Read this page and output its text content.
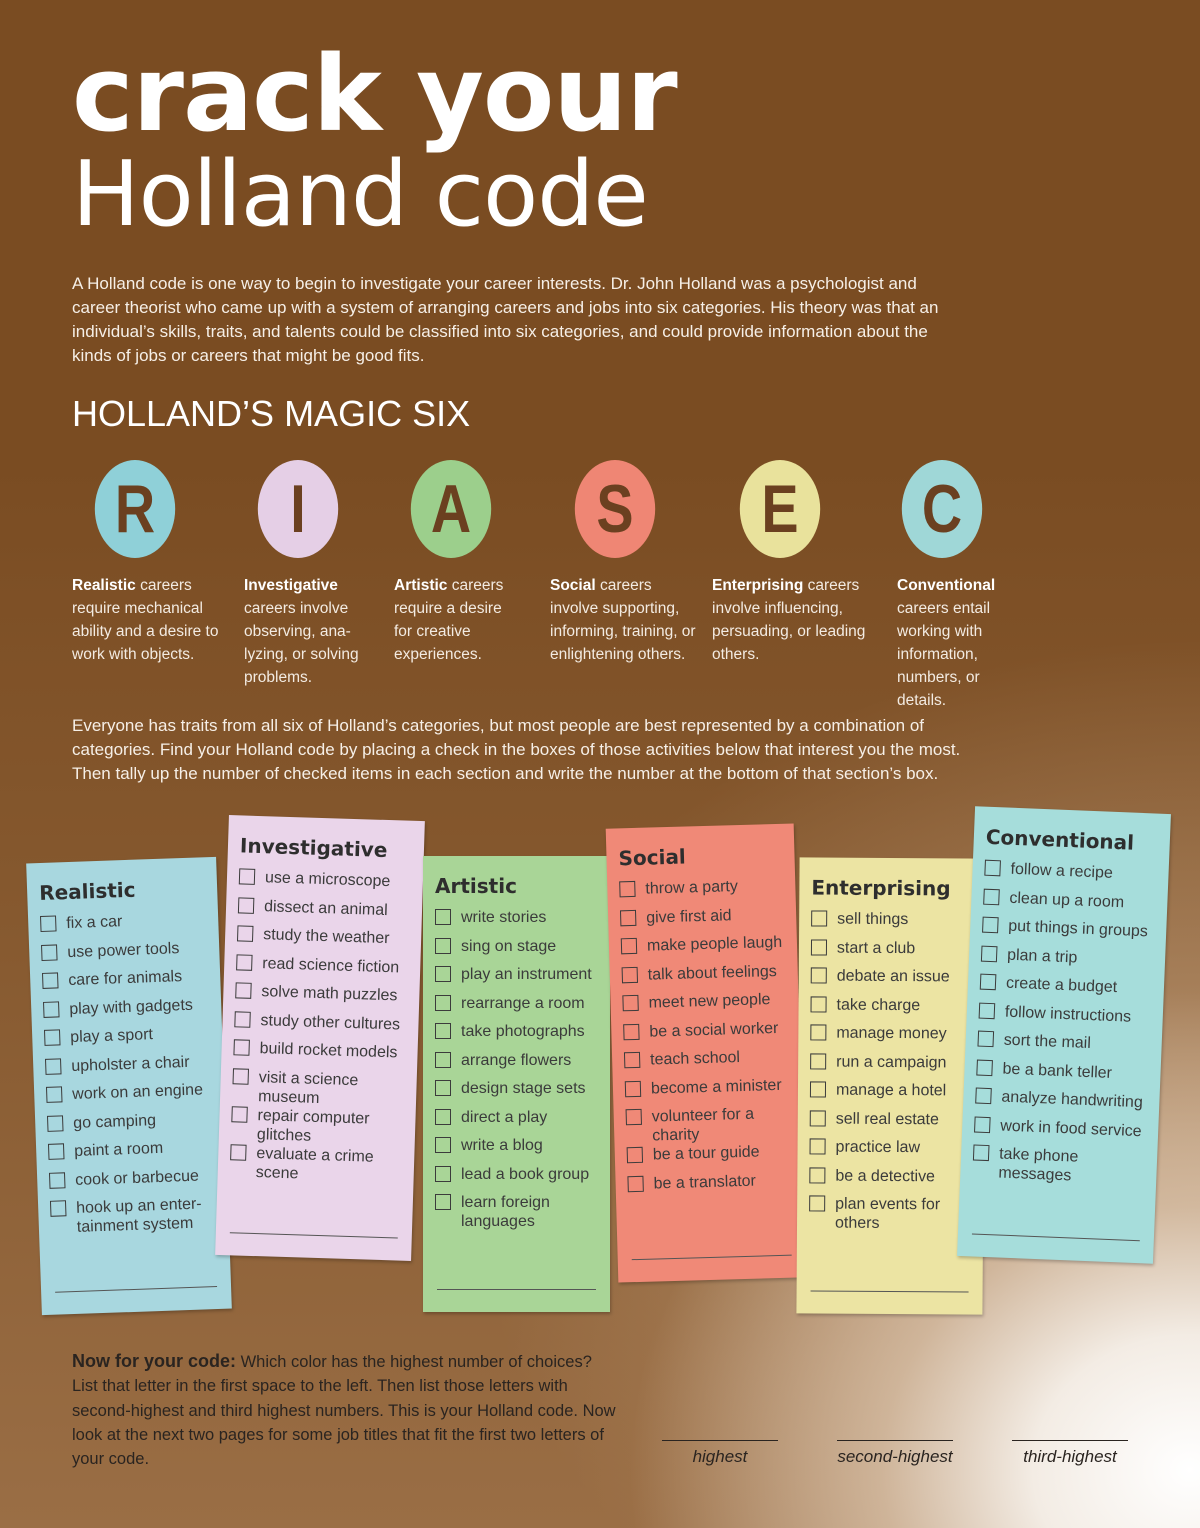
crack your
Holland code

A Holland code is one way to begin to investigate your career interests. Dr. John Holland was a psychologist and career theorist who came up with a system of arranging careers and jobs into six categories. His theory was that an individual’s skills, traits, and talents could be classified into six categories, and could provide information about the kinds of jobs or careers that might be good fits.

HOLLAND’S MAGIC SIX
R	I	A	S	E	C

Realistic careers require mechanical ability and a desire to work with objects.

Investigative careers involve observing, ana-lyzing, or solving problems.

Artistic careers require a desire for creative experiences.

Social careers involve supporting, informing, training, or enlightening others.

Enterprising careers involve influencing, persuading, or leading others.

Conventional careers entail working with information, numbers, or details.

Everyone has traits from all six of Holland’s categories, but most people are best represented by a combination of categories. Find your Holland code by placing a check in the boxes of those activities below that interest you the most. Then tally up the number of checked items in each section and write the number at the bottom of that section’s box.

Realistic
fix a car
use power tools
care for animals
play with gadgets
play a sport
upholster a chair
work on an engine
go camping
paint a room
cook or barbecue
hook up an enter-tainment system
Investigative
use a microscope
dissect an animal
study the weather
read science fiction
solve math puzzles
study other cultures
build rocket models
visit a science museum
repair computer glitches
evaluate a crime scene
Artistic
write stories
sing on stage
play an instrument
rearrange a room
take photographs
arrange flowers
design stage sets
direct a play
write a blog
lead a book group
learn foreign languages
Social
throw a party
give first aid
make people laugh
talk about feelings
meet new people
be a social worker
teach school
become a minister
volunteer for a charity
be a tour guide
be a translator
Enterprising
sell things
start a club
debate an issue
take charge
manage money
run a campaign
manage a hotel
sell real estate
practice law
be a detective
plan events for others
Conventional
follow a recipe
clean up a room
put things in groups
plan a trip
create a budget
follow instructions
sort the mail
be a bank teller
analyze handwriting
work in food service
take phone messages

Now for your code: Which color has the highest number of choices? List that letter in the first space to the left. Then list those letters with second-highest and third highest numbers. This is your Holland code. Now look at the next two pages for some job titles that fit the first two letters of your code.	highest	second-highest	third-highest
